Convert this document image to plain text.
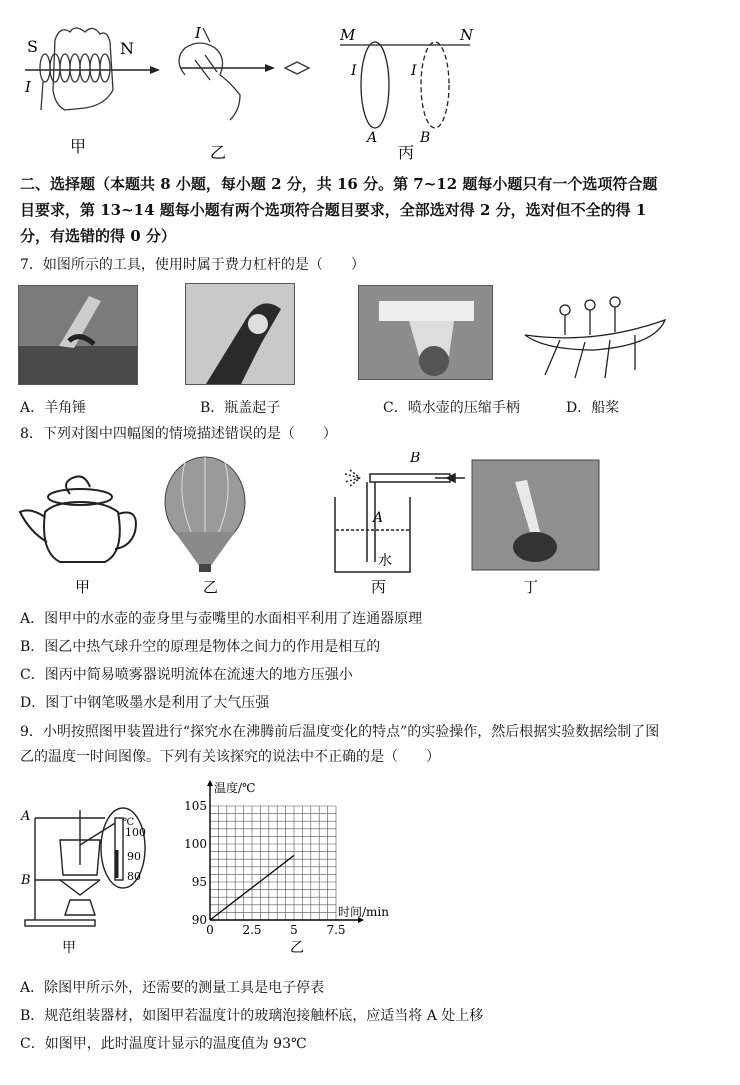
S	N
I
甲
I
乙
M	N
I	I
A	B
丙
二、选择题（本题共 8 小题，每小题 2 分，共 16 分。第 7~12 题每小题只有一个选项符合题
目要求，第 13~14 题每小题有两个选项符合题目要求，全部选对得 2 分，选对但不全的得 1
分，有选错的得 0 分）
7．如图所示的工具，使用时属于费力杠杆的是（　　）
A．羊角锤	B．瓶盖起子	C．喷水壶的压缩手柄	D．船桨
8．下列对图中四幅图的情境描述错误的是（　　）
甲	乙
B
A
水
丙	丁
A．图甲中的水壶的壶身里与壶嘴里的水面相平利用了连通器原理
B．图乙中热气球升空的原理是物体之间力的作用是相互的
C．图丙中简易喷雾器说明流体在流速大的地方压强小
D．图丁中钢笔吸墨水是利用了大气压强
9．小明按照图甲装置进行“探究水在沸腾前后温度变化的特点”的实验操作，然后根据实验数据绘制了图
乙的温度一时间图像。下列有关该探究的说法中不正确的是（　　）
A
B
℃
100
90
80
甲
0 2.5 5 7.5
90
95
100
105
温度/℃
时间/min
乙
A．除图甲所示外，还需要的测量工具是电子停表
B．规范组装器材，如图甲若温度计的玻璃泡接触杯底，应适当将 A 处上移
C．如图甲，此时温度计显示的温度值为 93℃
